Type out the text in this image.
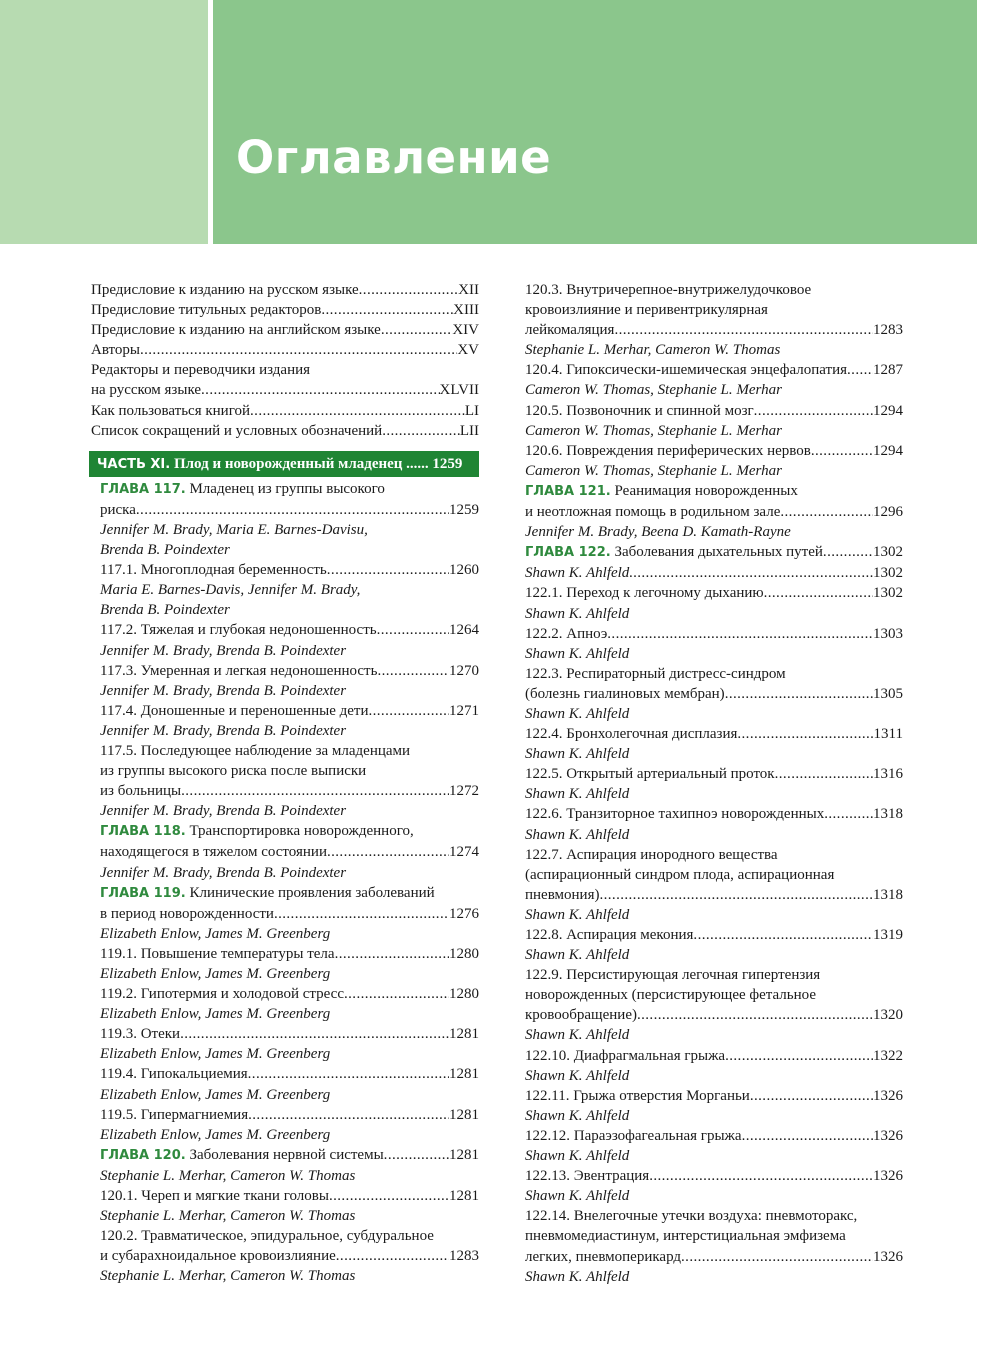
Оглавление
Предисловие к изданию на русском языке .....	XII
Предисловие титульных редакторов .....	XIII
Предисловие к изданию на английском языке .....	XIV
Авторы .....	XV
Редакторы и переводчики издания
на русском языке .....	XLVII
Как пользоваться книгой .....	LI
Список сокращений и условных обозначений .....	LII
ЧАСТЬ XI. Плод и новорожденный младенец ...... 1259
ГЛАВА 117. Младенец из группы высокого
риска .....	1259
Jennifer M. Brady, Maria E. Barnes-Davisu,
Brenda B. Poindexter
117.1. Многоплодная беременность .....	1260
Maria E. Barnes-Davis, Jennifer M. Brady,
Brenda B. Poindexter
117.2. Тяжелая и глубокая недоношенность .....	1264
Jennifer M. Brady, Brenda B. Poindexter
117.3. Умеренная и легкая недоношенность .....	1270
Jennifer M. Brady, Brenda B. Poindexter
117.4. Доношенные и переношенные дети .....	1271
Jennifer M. Brady, Brenda B. Poindexter
117.5. Последующее наблюдение за младенцами
из группы высокого риска после выписки
из больницы .....	1272
Jennifer M. Brady, Brenda B. Poindexter
ГЛАВА 118. Транспортировка новорожденного,
находящегося в тяжелом состоянии .....	1274
Jennifer M. Brady, Brenda B. Poindexter
ГЛАВА 119. Клинические проявления заболеваний
в период новорожденности .....	1276
Elizabeth Enlow, James M. Greenberg
119.1. Повышение температуры тела .....	1280
Elizabeth Enlow, James M. Greenberg
119.2. Гипотермия и холодовой стресс .....	1280
Elizabeth Enlow, James M. Greenberg
119.3. Отеки .....	1281
Elizabeth Enlow, James M. Greenberg
119.4. Гипокальциемия .....	1281
Elizabeth Enlow, James M. Greenberg
119.5. Гипермагниемия .....	1281
Elizabeth Enlow, James M. Greenberg
ГЛАВА 120. Заболевания нервной системы .....	1281
Stephanie L. Merhar, Cameron W. Thomas
120.1. Череп и мягкие ткани головы .....	1281
Stephanie L. Merhar, Cameron W. Thomas
120.2. Травматическое, эпидуральное, субдуральное
и субарахноидальное кровоизлияние .....	1283
Stephanie L. Merhar, Cameron W. Thomas
120.3. Внутричерепное-внутрижелудочковое
кровоизлияние и перивентрикулярная
лейкомаляция .....	1283
Stephanie L. Merhar, Cameron W. Thomas
120.4. Гипоксически-ишемическая энцефалопатия ..... 1287
Cameron W. Thomas, Stephanie L. Merhar
120.5. Позвоночник и спинной мозг .....	1294
Cameron W. Thomas, Stephanie L. Merhar
120.6. Повреждения периферических нервов .....	1294
Cameron W. Thomas, Stephanie L. Merhar
ГЛАВА 121. Реанимация новорожденных
и неотложная помощь в родильном зале .....	1296
Jennifer M. Brady, Beena D. Kamath-Rayne
ГЛАВА 122. Заболевания дыхательных путей .....	1302
Shawn K. Ahlfeld .....	1302
122.1. Переход к легочному дыханию .....	1302
Shawn K. Ahlfeld
122.2. Апноэ .....	1303
Shawn K. Ahlfeld
122.3. Респираторный дистресс-синдром
(болезнь гиалиновых мембран) .....	1305
Shawn K. Ahlfeld
122.4. Бронхолегочная дисплазия .....	1311
Shawn K. Ahlfeld
122.5. Открытый артериальный проток .....	1316
Shawn K. Ahlfeld
122.6. Транзиторное тахипноэ новорожденных .....	1318
Shawn K. Ahlfeld
122.7. Аспирация инородного вещества
(аспирационный синдром плода, аспирационная
пневмония) .....	1318
Shawn K. Ahlfeld
122.8. Аспирация мекония .....	1319
Shawn K. Ahlfeld
122.9. Персистирующая легочная гипертензия
новорожденных (персистирующее фетальное
кровообращение) .....	1320
Shawn K. Ahlfeld
122.10. Диафрагмальная грыжа .....	1322
Shawn K. Ahlfeld
122.11. Грыжа отверстия Морганьи .....	1326
Shawn K. Ahlfeld
122.12. Параэзофагеальная грыжа .....	1326
Shawn K. Ahlfeld
122.13. Эвентрация .....	1326
Shawn K. Ahlfeld
122.14. Внелегочные утечки воздуха: пневмоторакс,
пневмомедиастинум, интерстициальная эмфизема
легких, пневмоперикард .....	1326
Shawn K. Ahlfeld
